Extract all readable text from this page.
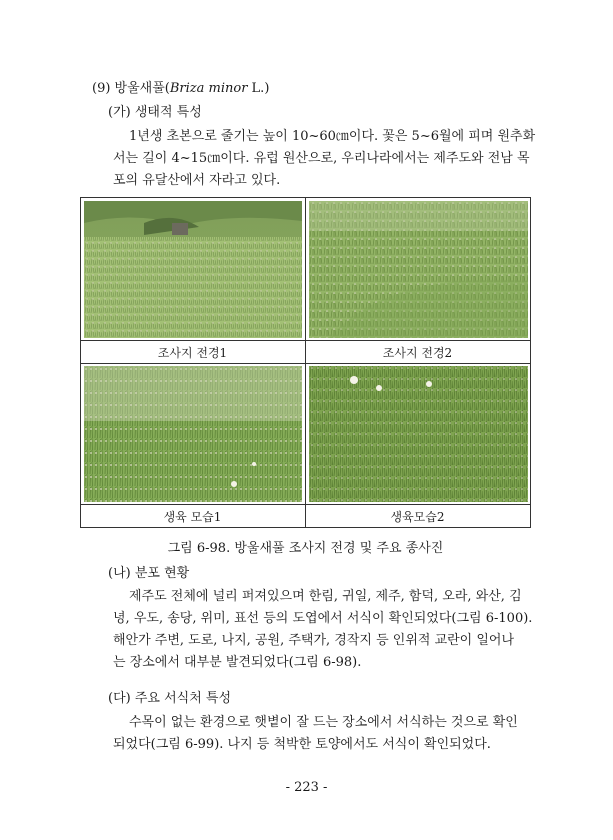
(9) 방울새풀(Briza minor L.)
(가) 생태적 특성
1년생 초본으로 줄기는 높이 10~60㎝이다. 꽃은 5~6월에 피며 원추화
서는 길이 4~15㎝이다. 유럽 원산으로, 우리나라에서는 제주도와 전남 목
포의 유달산에서 자라고 있다.
조사지 전경1	조사지 전경2
생육 모습1	생육모습2
그림 6-98. 방울새풀 조사지 전경 및 주요 종사진
(나) 분포 현황
제주도 전체에 널리 퍼져있으며 한림, 귀일, 제주, 함덕, 오라, 와산, 김
녕, 우도, 송당, 위미, 표선 등의 도엽에서 서식이 확인되었다(그림 6-100).
해안가 주변, 도로, 나지, 공원, 주택가, 경작지 등 인위적 교란이 일어나
는 장소에서 대부분 발견되었다(그림 6-98).
(다) 주요 서식처 특성
수목이 없는 환경으로 햇볕이 잘 드는 장소에서 서식하는 것으로 확인
되었다(그림 6-99). 나지 등 척박한 토양에서도 서식이 확인되었다.
- 223 -
